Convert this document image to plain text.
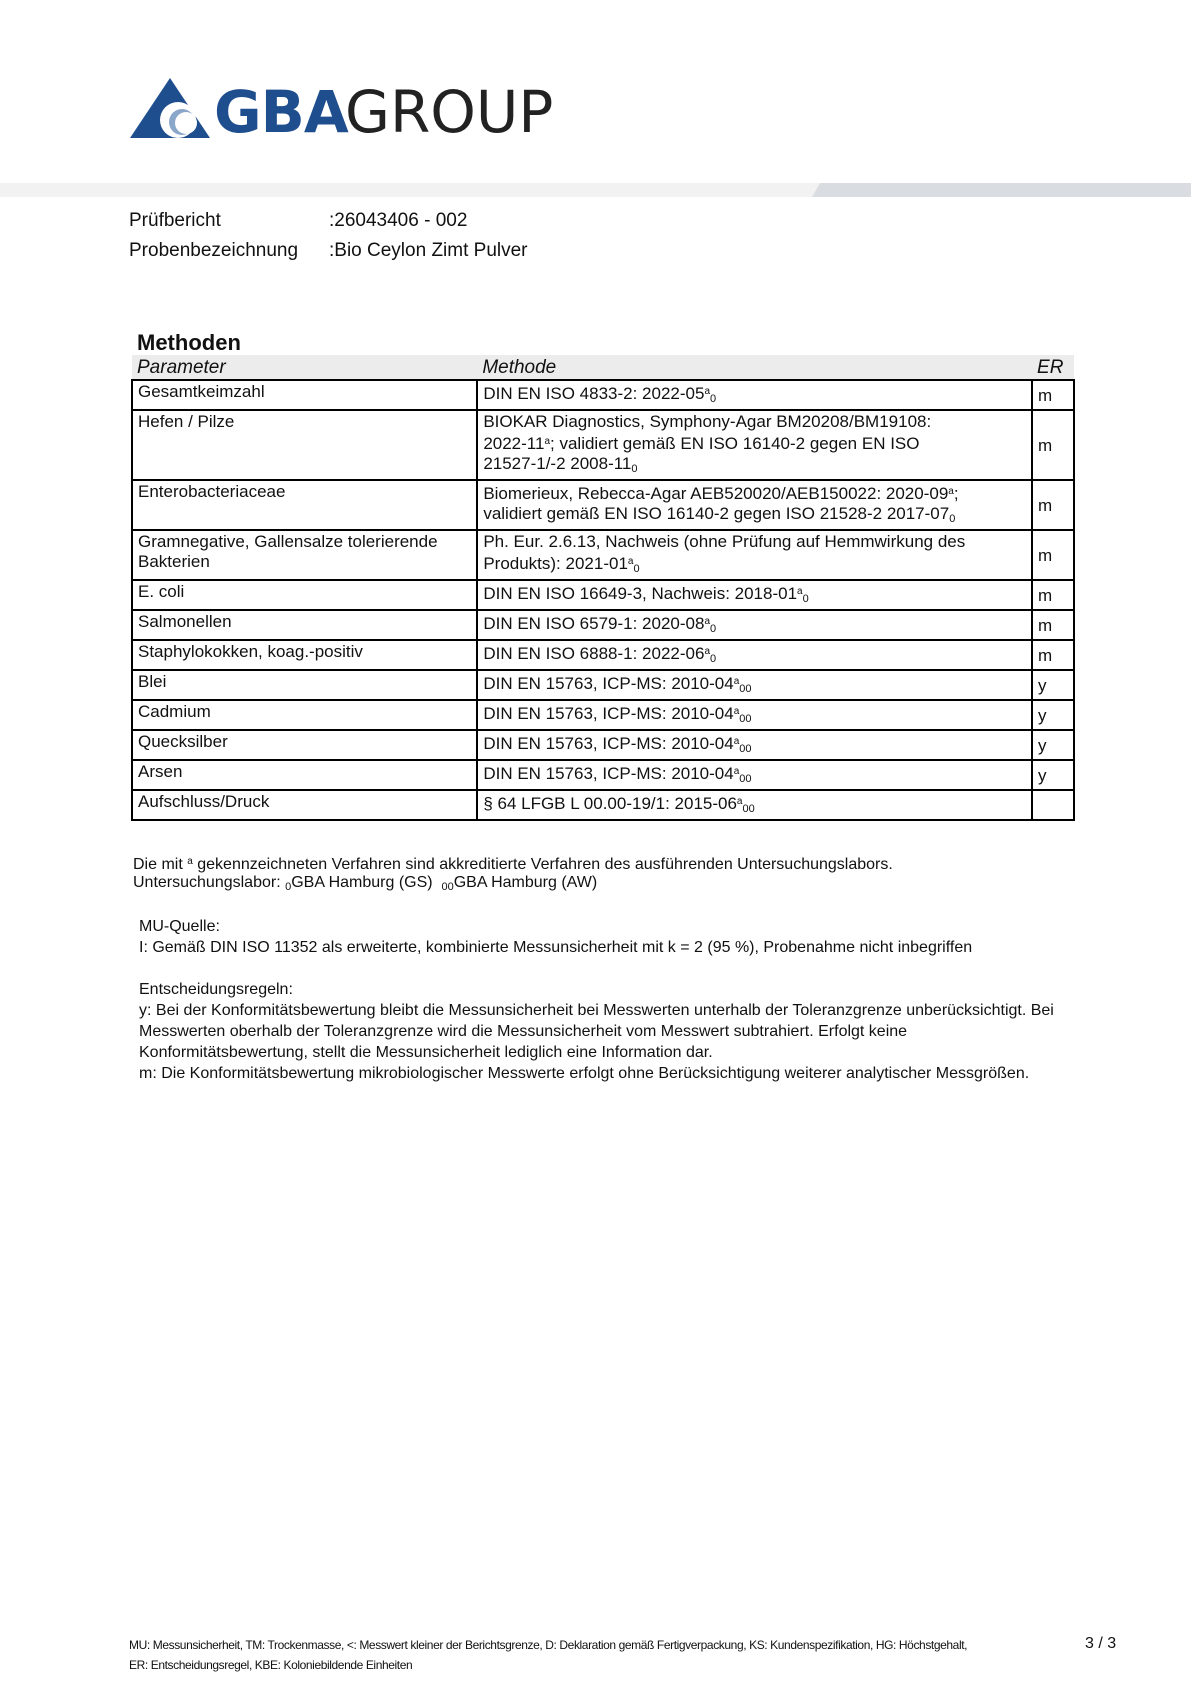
GBA
GROUP
Prüfbericht	:26043406 - 002
Probenbezeichnung :Bio Ceylon Zimt Pulver
Methoden
Parameter	Methode	ER
Gesamtkeimzahl	DIN EN ISO 4833-2: $2022-05^a_0$	m
Hefen / Pilze	BIOKAR Diagnostics, Symphony-Agar BM20208/BM19108:
2022-11$^a$; validiert gemäß EN ISO 16140-2 gegen EN ISO
21527-1/-2 $2008-11_0$	m
Enterobacteriaceae	Biomerieux, Rebecca-Agar AEB520020/AEB150022: 2020-09$^a$;
validiert gemäß EN ISO 16140-2 gegen ISO 21528-2 $2017-07_0$	m
Gramnegative, Gallensalze tolerierende
Bakterien	Ph. Eur. 2.6.13, Nachweis (ohne Prüfung auf Hemmwirkung des
Produkts): $2021-01^a_0$	m
E. coli	DIN EN ISO 16649-3, Nachweis: $2018-01^a_0$	m
Salmonellen	DIN EN ISO 6579-1: $2020-08^a_0$	m
Staphylokokken, koag.-positiv	DIN EN ISO 6888-1: $2022-06^a_0$	m
Blei	DIN EN 15763, ICP-MS: $2010-04^a_{00}$	y
Cadmium	DIN EN 15763, ICP-MS: $2010-04^a_{00}$	y
Quecksilber	DIN EN 15763, ICP-MS: $2010-04^a_{00}$	y
Arsen	DIN EN 15763, ICP-MS: $2010-04^a_{00}$	y
Aufschluss/Druck	§ 64 LFGB L 00.00-19/1: $2015-06^a_{00}$	
Die mit $^a$ gekennzeichneten Verfahren sind akkreditierte Verfahren des ausführenden Untersuchungslabors.
Untersuchungslabor: $_0$GBA Hamburg (GS) $_{00}$GBA Hamburg (AW)
MU-Quelle:
I: Gemäß DIN ISO 11352 als erweiterte, kombinierte Messunsicherheit mit k = 2 (95 %), Probenahme nicht inbegriffen
Entscheidungsregeln:
y: Bei der Konformitätsbewertung bleibt die Messunsicherheit bei Messwerten unterhalb der Toleranzgrenze unberücksichtigt. Bei Messwerten oberhalb der Toleranzgrenze wird die Messunsicherheit vom Messwert subtrahiert. Erfolgt keine Konformitätsbewertung, stellt die Messunsicherheit lediglich eine Information dar.
m: Die Konformitätsbewertung mikrobiologischer Messwerte erfolgt ohne Berücksichtigung weiterer analytischer Messgrößen.
MU: Messunsicherheit, TM: Trockenmasse, <: Messwert kleiner der Berichtsgrenze, D: Deklaration gemäß Fertigverpackung, KS: Kundenspezifikation, HG: Höchstgehalt,
ER: Entscheidungsregel, KBE: Koloniebildende Einheiten
3 / 3
